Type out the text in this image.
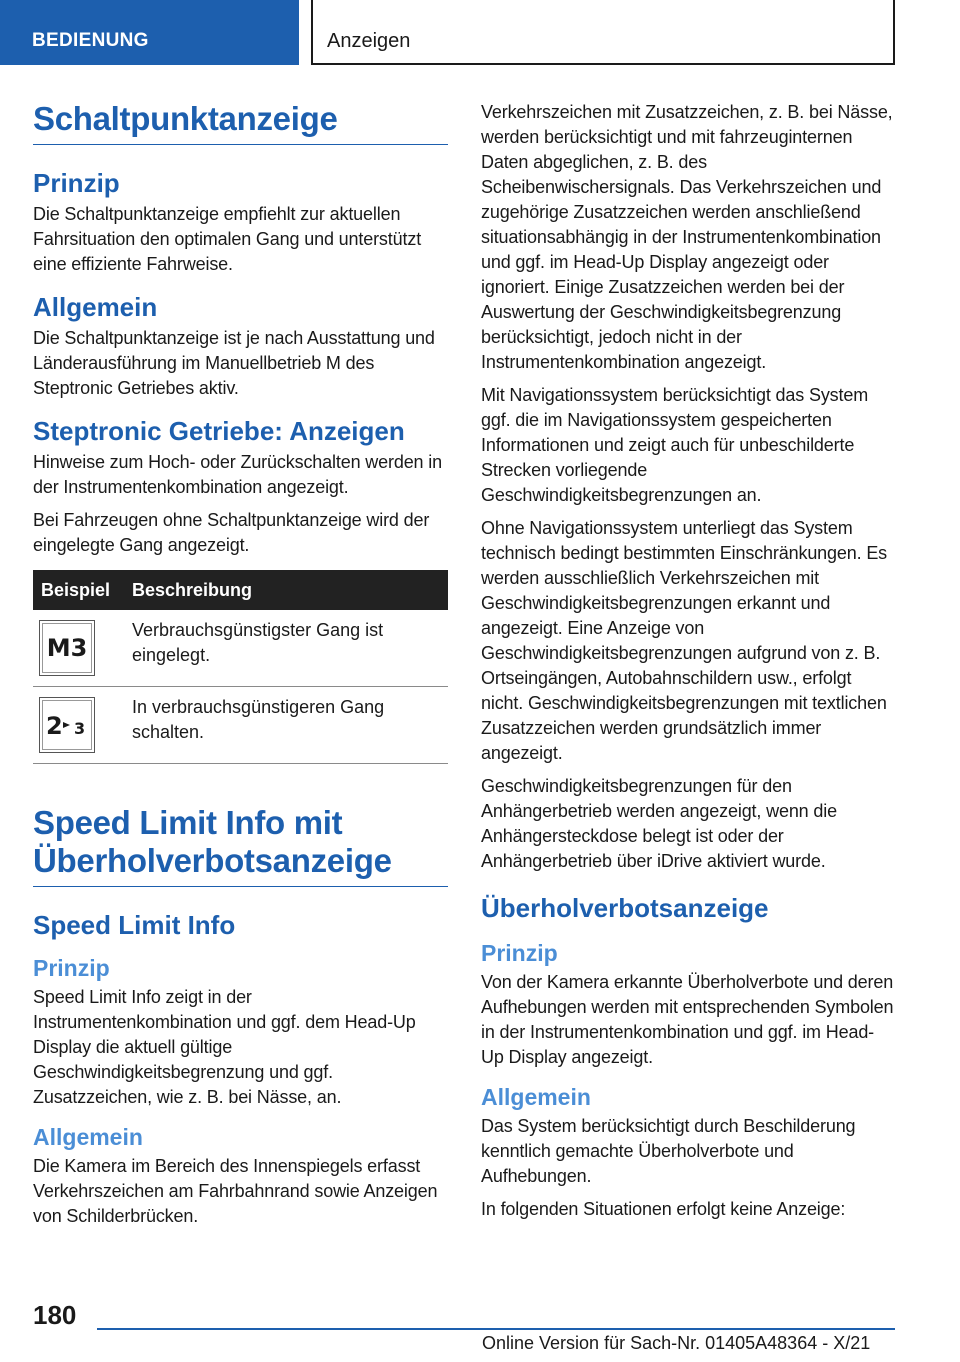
BEDIENUNG	Anzeigen
Schaltpunktanzeige
Prinzip

Die Schaltpunktanzeige empfiehlt zur aktuellen Fahrsituation den optimalen Gang und unterstützt eine effiziente Fahrweise.

Allgemein

Die Schaltpunktanzeige ist je nach Ausstattung und Länderausführung im Manuellbetrieb M des Steptronic Getriebes aktiv.

Steptronic Getriebe: Anzeigen

Hinweise zum Hoch- oder Zurückschalten werden in der Instrumentenkombination angezeigt.

Bei Fahrzeugen ohne Schaltpunktanzeige wird der eingelegte Gang angezeigt.

Beispiel	Beschreibung

M3	Verbrauchsgünstigster Gang ist eingelegt.

2 3	In verbrauchsgünstigeren Gang schalten.
Speed Limit Info mit Überholverbotsanzeige
Speed Limit Info
Prinzip

Speed Limit Info zeigt in der Instrumentenkombination und ggf. dem Head-Up Display die aktuell gültige Geschwindigkeitsbegrenzung und ggf. Zusatzzeichen, wie z. B. bei Nässe, an.

Allgemein

Die Kamera im Bereich des Innenspiegels erfasst Verkehrszeichen am Fahrbahnrand sowie Anzeigen von Schilderbrücken.

Verkehrszeichen mit Zusatzzeichen, z. B. bei Nässe, werden berücksichtigt und mit fahrzeuginternen Daten abgeglichen, z. B. des Scheibenwischersignals. Das Verkehrszeichen und zugehörige Zusatzzeichen werden anschließend situationsabhängig in der Instrumentenkombination und ggf. im Head-Up Display angezeigt oder ignoriert. Einige Zusatzzeichen werden bei der Auswertung der Geschwindigkeitsbegrenzung berücksichtigt, jedoch nicht in der Instrumentenkombination angezeigt.

Mit Navigationssystem berücksichtigt das System ggf. die im Navigationssystem gespeicherten Informationen und zeigt auch für unbeschilderte Strecken vorliegende Geschwindigkeitsbegrenzungen an.

Ohne Navigationssystem unterliegt das System technisch bedingt bestimmten Einschränkungen. Es werden ausschließlich Verkehrszeichen mit Geschwindigkeitsbegrenzungen erkannt und angezeigt. Eine Anzeige von Geschwindigkeitsbegrenzungen aufgrund von z. B. Ortseingängen, Autobahnschildern usw., erfolgt nicht. Geschwindigkeitsbegrenzungen mit textlichen Zusatzzeichen werden grundsätzlich immer angezeigt.

Geschwindigkeitsbegrenzungen für den Anhängerbetrieb werden angezeigt, wenn die Anhängersteckdose belegt ist oder der Anhängerbetrieb über iDrive aktiviert wurde.

Überholverbotsanzeige
Prinzip

Von der Kamera erkannte Überholverbote und deren Aufhebungen werden mit entsprechenden Symbolen in der Instrumentenkombination und ggf. im Head-Up Display angezeigt.

Allgemein

Das System berücksichtigt durch Beschilderung kenntlich gemachte Überholverbote und Aufhebungen.

In folgenden Situationen erfolgt keine Anzeige:

180
Online Version für Sach-Nr. 01405A48364 - X/21
